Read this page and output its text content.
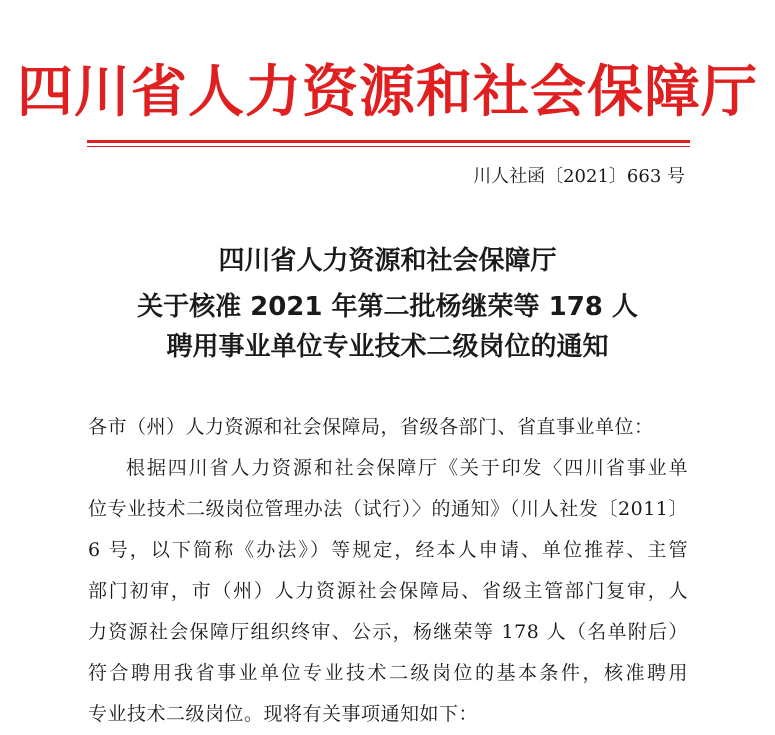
四川省人力资源和社会保障厅
川人社函〔2021〕663 号
四川省人力资源和社会保障厅
关于核准 2021 年第二批杨继荣等 178 人
聘用事业单位专业技术二级岗位的通知
各市（州）人力资源和社会保障局，省级各部门、省直事业单位：
根据四川省人力资源和社会保障厅《关于印发〈四川省事业单
位专业技术二级岗位管理办法（试行）〉的通知》（川人社发〔2011〕
6 号，以下简称《办法》）等规定，经本人申请、单位推荐、主管
部门初审，市（州）人力资源社会保障局、省级主管部门复审，人
力资源社会保障厅组织终审、公示，杨继荣等 178 人（名单附后）
符合聘用我省事业单位专业技术二级岗位的基本条件，核准聘用
专业技术二级岗位。现将有关事项通知如下：
